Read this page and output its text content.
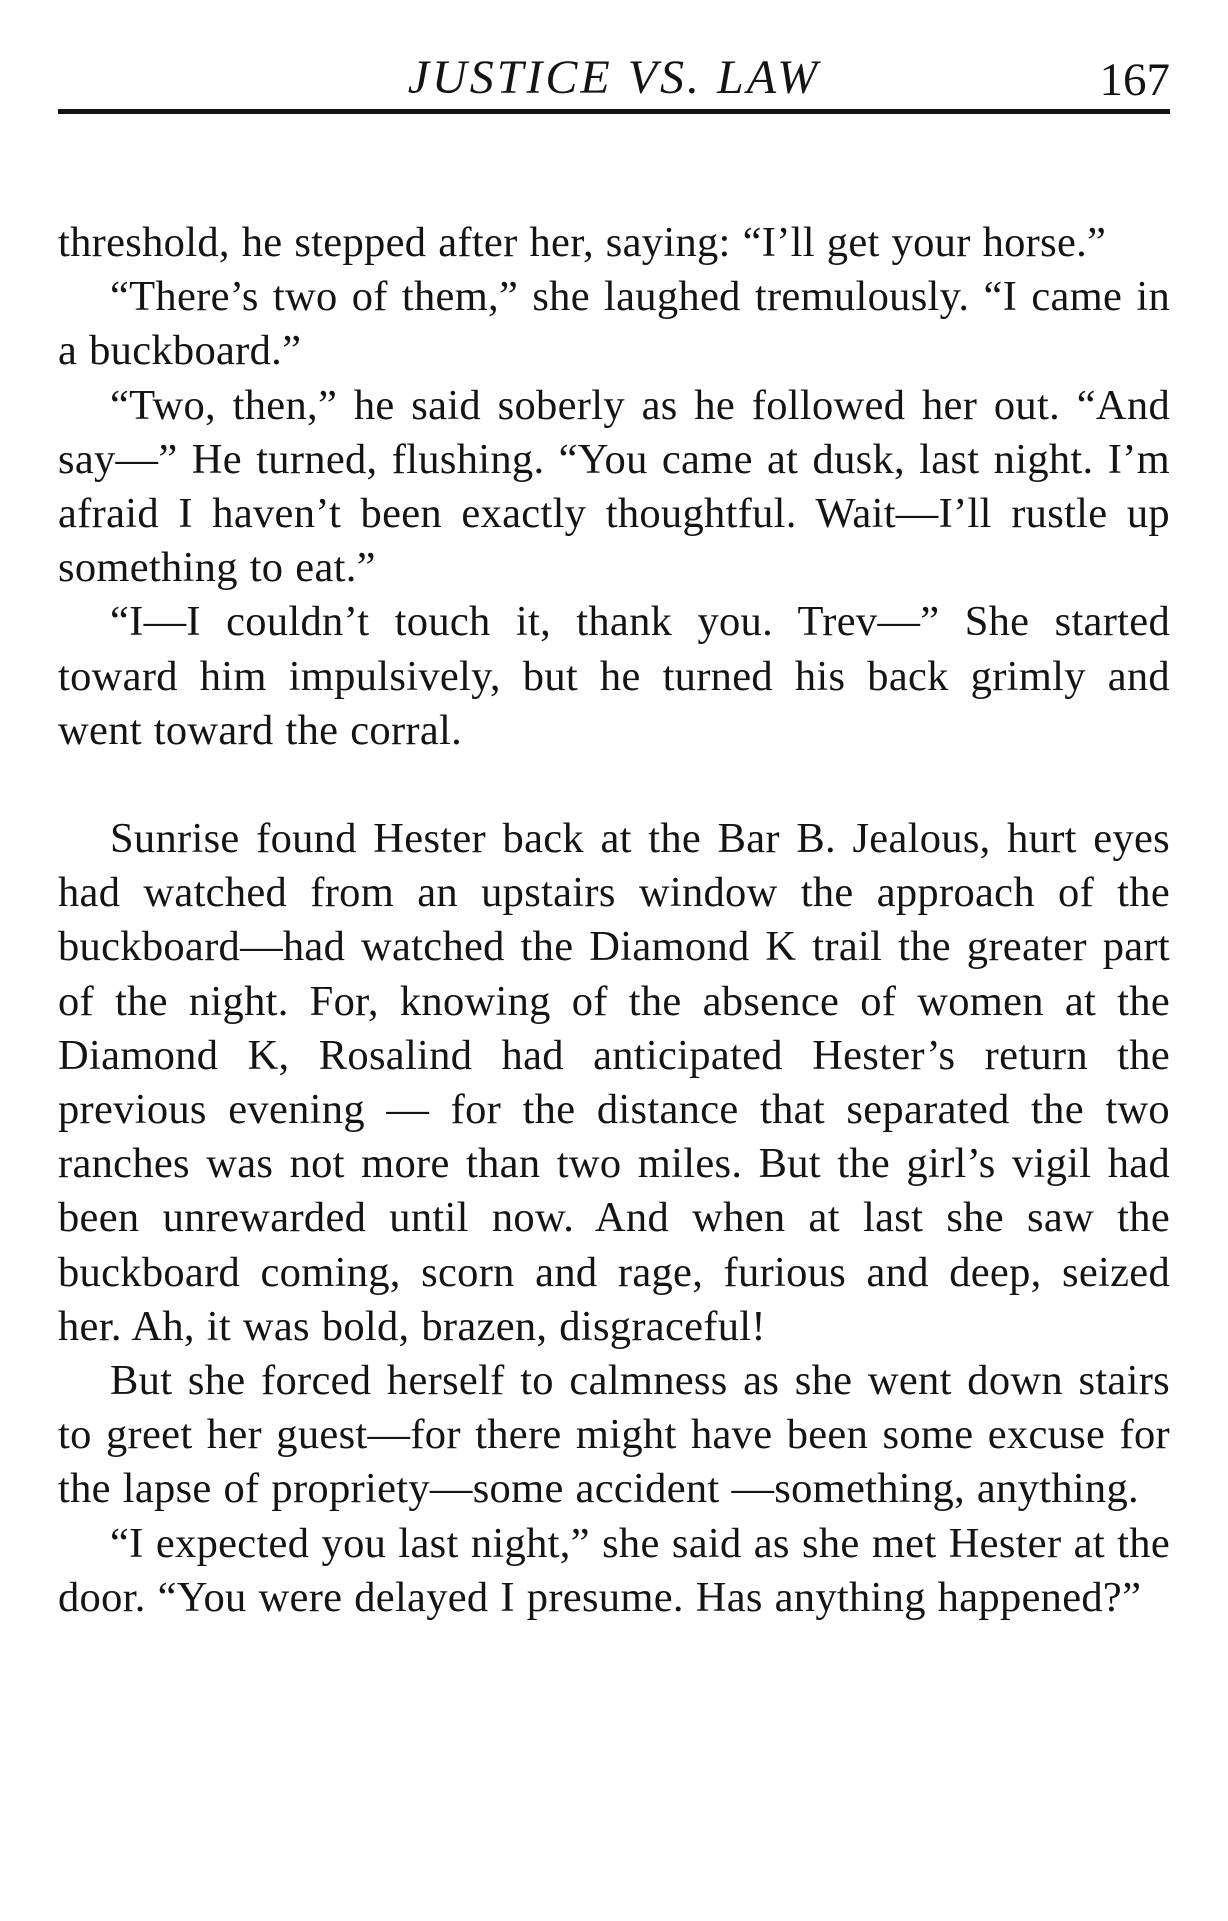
JUSTICE VS. LAW	167

threshold, he stepped after her, saying: “I’ll get your horse.”

“There’s two of them,” she laughed tremulously. “I came in a buckboard.”

“Two, then,” he said soberly as he followed her out. “And say—” He turned, flushing. “You came at dusk, last night. I’m afraid I haven’t been exactly thoughtful. Wait—I’ll rustle up something to eat.”

“I—I couldn’t touch it, thank you. Trev—” She started toward him impulsively, but he turned his back grimly and went toward the corral.

Sunrise found Hester back at the Bar B. Jealous, hurt eyes had watched from an upstairs window the approach of the buckboard—had watched the Diamond K trail the greater part of the night. For, knowing of the absence of women at the Diamond K, Rosalind had anticipated Hester’s return the previous evening — for the distance that separated the two ranches was not more than two miles. But the girl’s vigil had been unrewarded until now. And when at last she saw the buckboard coming, scorn and rage, furious and deep, seized her. Ah, it was bold, brazen, disgraceful!

But she forced herself to calmness as she went down stairs to greet her guest—for there might have been some excuse for the lapse of propriety—some accident —something, anything.

“I expected you last night,” she said as she met Hester at the door. “You were delayed I presume. Has anything happened?”
